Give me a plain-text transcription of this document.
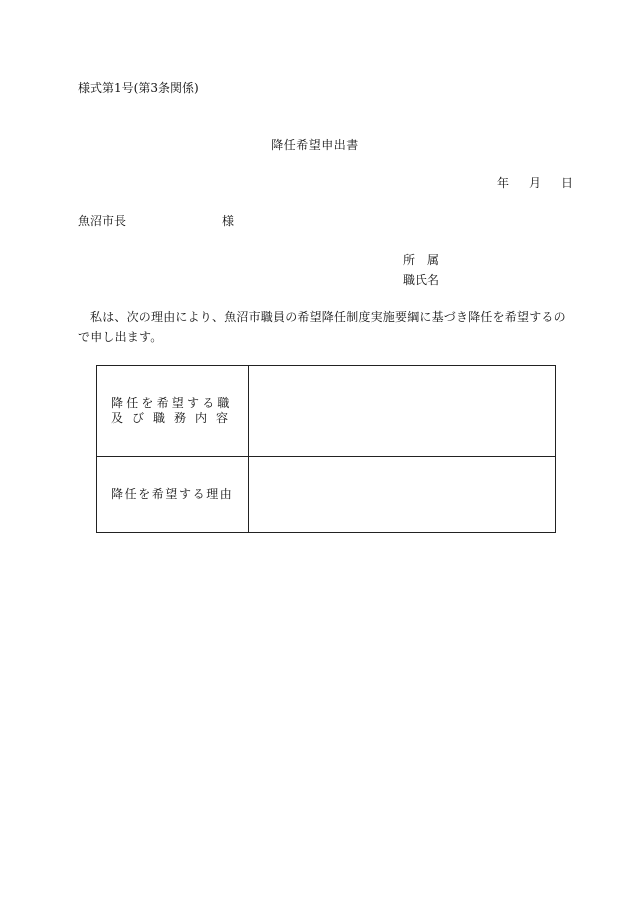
様式第1号(第3条関係)
降任希望申出書
年 月 日
魚沼市長	様
所　属
職氏名
私は、次の理由により、魚沼市職員の希望降任制度実施要綱に基づき降任を希望するので申し出ます。
降任を希望する職
及び職務内容	

降任を希望する理由	
